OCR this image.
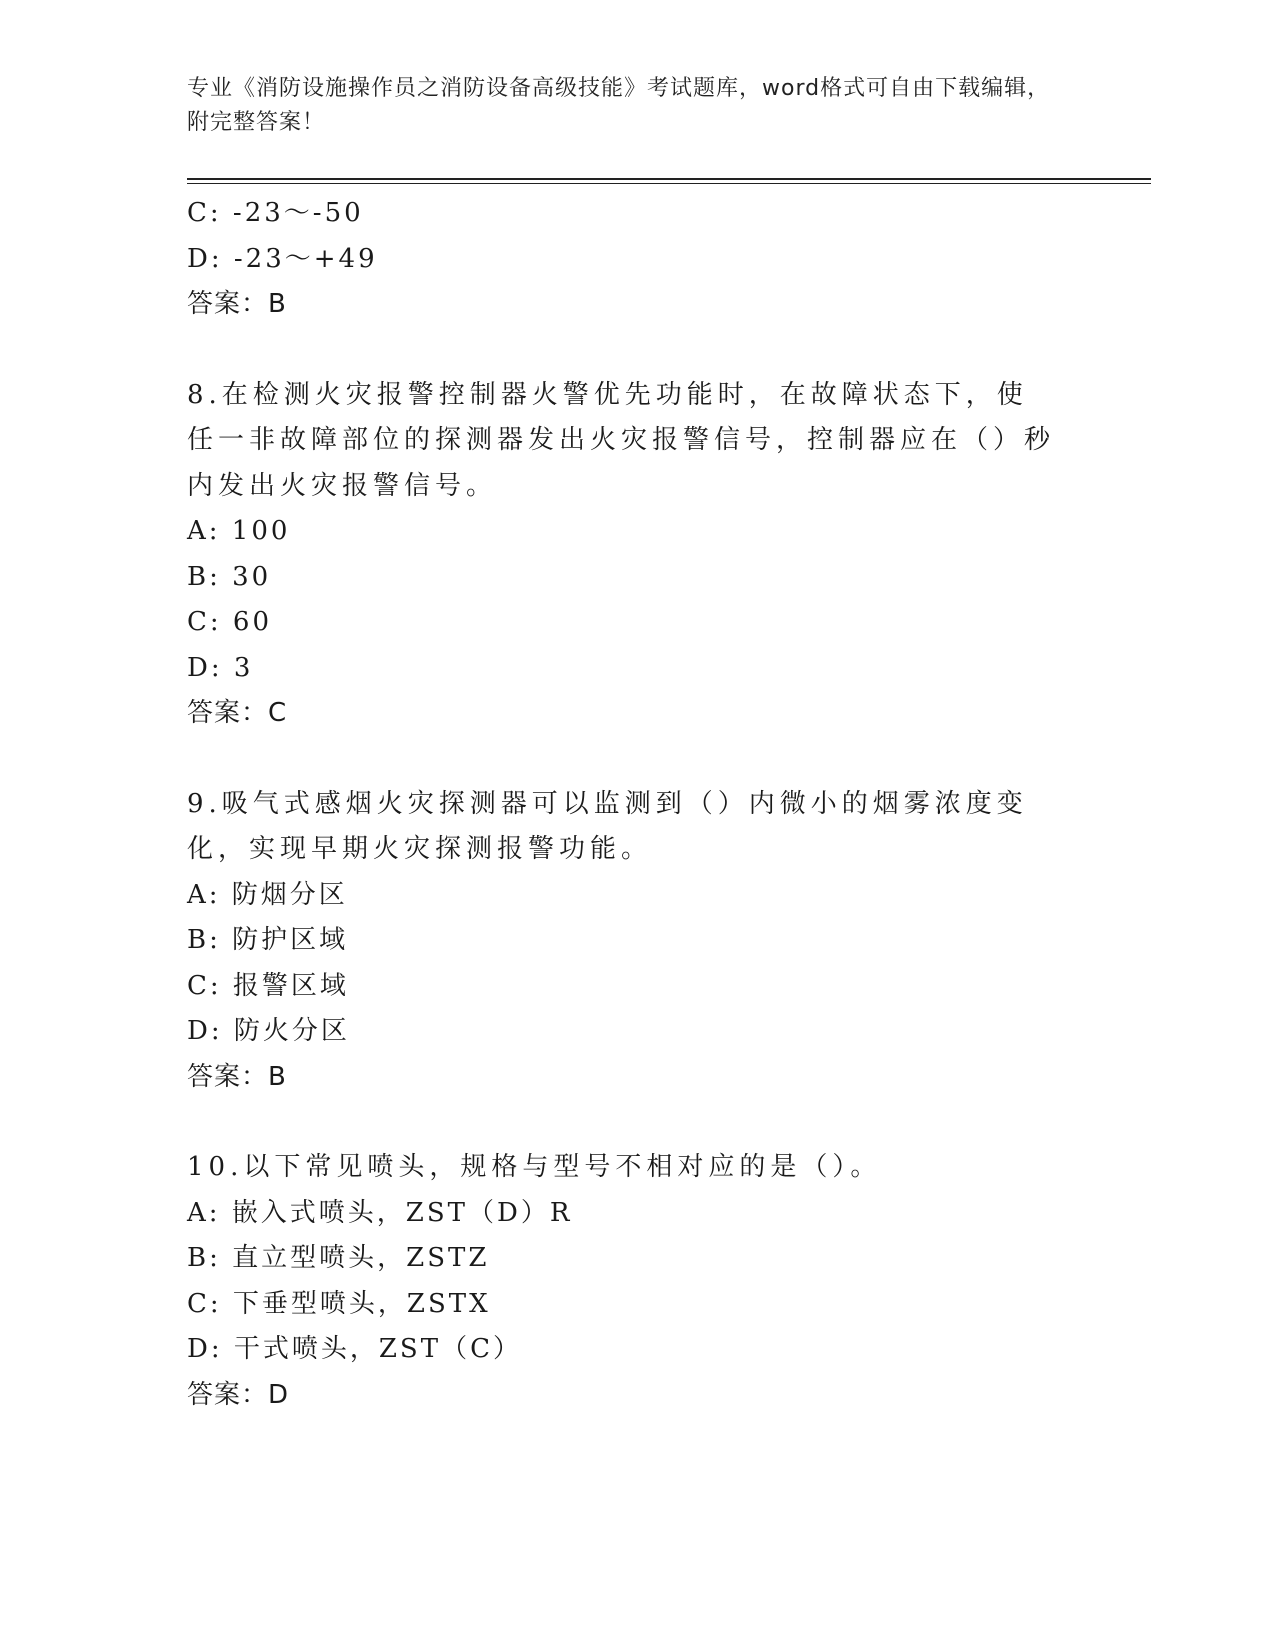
专业《消防设施操作员之消防设备高级技能》考试题库，word格式可自由下载编辑，附完整答案！
C: -23～-50
D: -23～+49
答案：B
8.在检测火灾报警控制器火警优先功能时，在故障状态下，使任一非故障部位的探测器发出火灾报警信号，控制器应在（）秒内发出火灾报警信号。
A: 100
B: 30
C: 60
D: 3
答案：C
9.吸气式感烟火灾探测器可以监测到（）内微小的烟雾浓度变化，实现早期火灾探测报警功能。
A: 防烟分区
B: 防护区域
C: 报警区域
D: 防火分区
答案：B
10.以下常见喷头，规格与型号不相对应的是（）。
A: 嵌入式喷头，ZST（D）R
B: 直立型喷头，ZSTZ
C: 下垂型喷头，ZSTX
D: 干式喷头，ZST（C）
答案：D
